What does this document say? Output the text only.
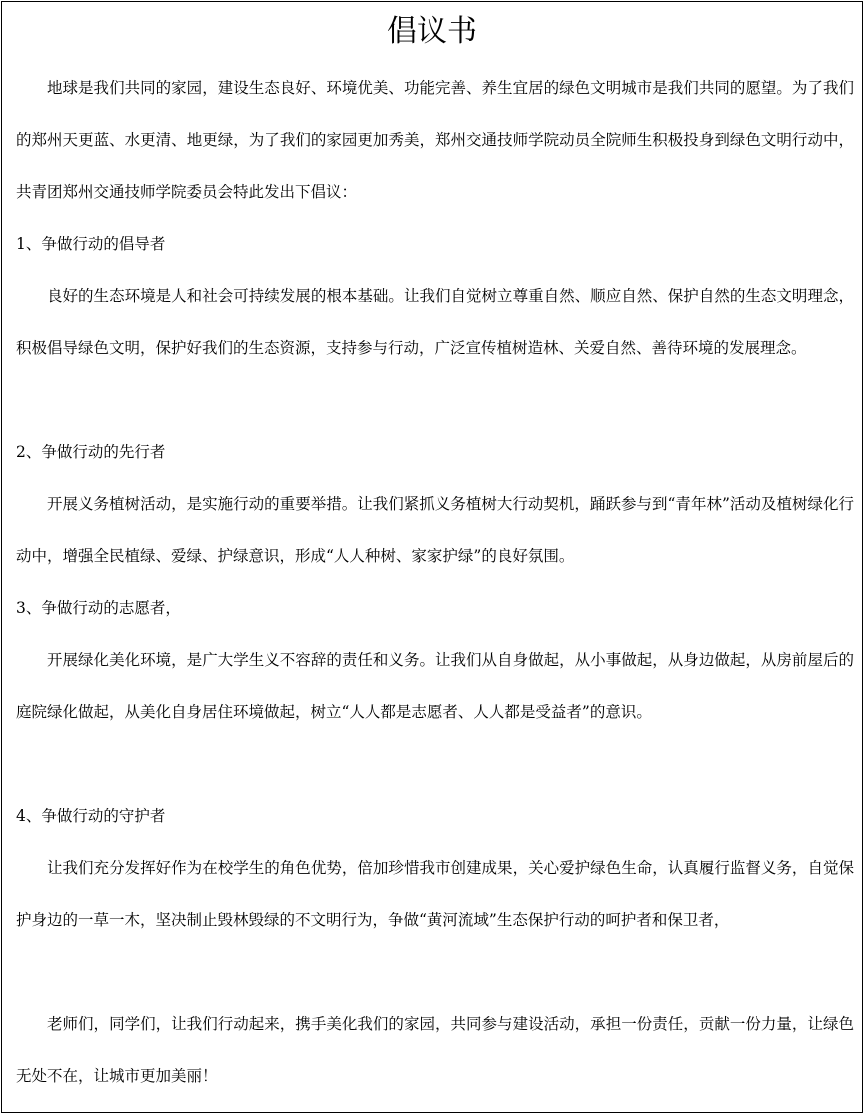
倡议书
地球是我们共同的家园，建设生态良好、环境优美、功能完善、养生宜居的绿色文明城市是我们共同的愿望。为了我们的郑州天更蓝、水更清、地更绿，为了我们的家园更加秀美，郑州交通技师学院动员全院师生积极投身到绿色文明行动中，共青团郑州交通技师学院委员会特此发出下倡议：
1、争做行动的倡导者
良好的生态环境是人和社会可持续发展的根本基础。让我们自觉树立尊重自然、顺应自然、保护自然的生态文明理念，积极倡导绿色文明，保护好我们的生态资源，支持参与行动，广泛宣传植树造林、关爱自然、善待环境的发展理念。
2、争做行动的先行者
开展义务植树活动，是实施行动的重要举措。让我们紧抓义务植树大行动契机，踊跃参与到“青年林”活动及植树绿化行动中，增强全民植绿、爱绿、护绿意识，形成“人人种树、家家护绿”的良好氛围。
3、争做行动的志愿者，
开展绿化美化环境，是广大学生义不容辞的责任和义务。让我们从自身做起，从小事做起，从身边做起，从房前屋后的庭院绿化做起，从美化自身居住环境做起，树立“人人都是志愿者、人人都是受益者”的意识。
4、争做行动的守护者
让我们充分发挥好作为在校学生的角色优势，倍加珍惜我市创建成果，关心爱护绿色生命，认真履行监督义务，自觉保护身边的一草一木，坚决制止毁林毁绿的不文明行为，争做“黄河流域”生态保护行动的呵护者和保卫者，
老师们，同学们，让我们行动起来，携手美化我们的家园，共同参与建设活动，承担一份责任，贡献一份力量，让绿色无处不在，让城市更加美丽！
